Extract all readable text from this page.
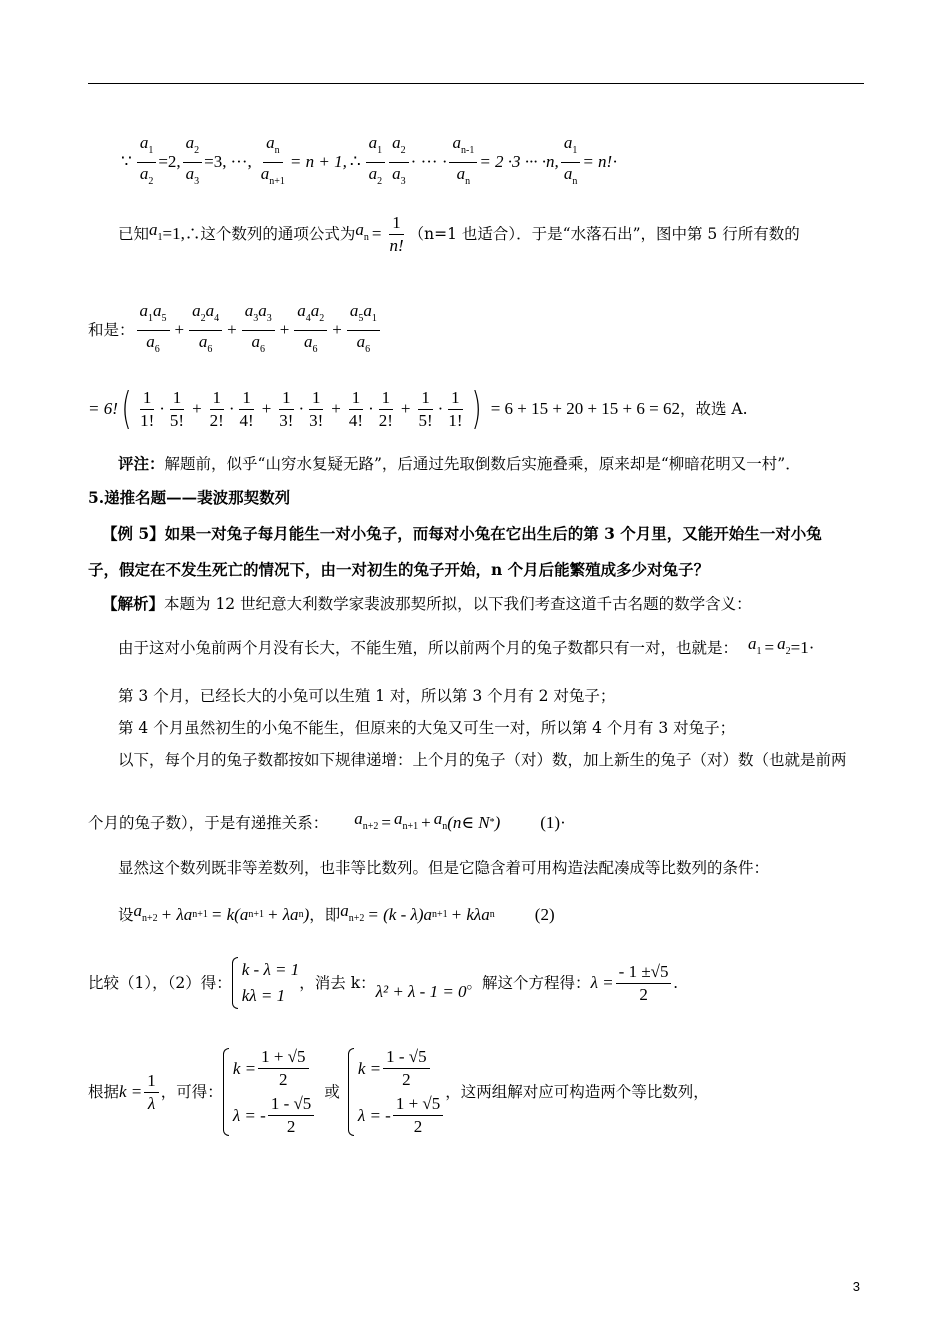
∵ $\frac{a_1}{a_2} =2$, $\frac{a_2}{a_3} =3$, ···, $\frac{a_n}{a_{n+1}} = n + 1$, ∴ $\frac{a_1}{a_2} \frac{a_2}{a_3}$ · ··· · $\frac{a_{n-1}}{a_n} = 2 \cdot 3$ ··· ·n, $\frac{a_1}{a_n} = n$! ·
已知 $a_1 =1$, ∴这个数列的通项公式为 $a_n = \frac{1}{n!} (n=1$ 也适合）．于是“水落石出”，图中第 5 行所有数的
和是： $\frac{a_1a_5}{a_6} + \frac{a_2a_4}{a_6} + \frac{a_3a_3}{a_6} + \frac{a_4a_2}{a_6} + \frac{a_5a_1}{a_6}$
= 6! ( $\frac{1}{1!} \cdot \frac{1}{5!} + \frac{1}{2!} \cdot \frac{1}{4!} + \frac{1}{3!} \cdot \frac{1}{3!} + \frac{1}{4!} \cdot \frac{1}{2!} + \frac{1}{5!} \cdot \frac{1}{1!}$ ) = 6 + 15 + 20 + 15 + 6 = 62 ，故选 A.
评注： 解题前，似乎“山穷水复疑无路”，后通过先取倒数后实施叠乘，原来却是“柳暗花明又一村”．
5.递推名题——裴波那契数列
【例 5】 如果一对兔子每月能生一对小兔子，而每对小兔在它出生后的第 3 个月里，又能开始生一对小兔
子，假定在不发生死亡的情况下，由一对初生的兔子开始，n 个月后能繁殖成多少对兔子？
【解析】 本题为 12 世纪意大利数学家裴波那契所拟，以下我们考查这道千古名题的数学含义：
由于这对小兔前两个月没有长大，不能生殖，所以前两个月的兔子数都只有一对，也就是： $a_1 = a_2 =1$ ·
第 3 个月，已经长大的小兔可以生殖 1 对，所以第 3 个月有 2 对兔子；
第 4 个月虽然初生的小兔不能生，但原来的大兔又可生一对，所以第 4 个月有 3 对兔子；
以下，每个月的兔子数都按如下规律递增：上个月的兔子（对）数，加上新生的兔子（对）数（也就是前两
个月的兔子数），于是有递推关系： $a_{n+2} = a_{n+1} + a_n$ (n∈ N * ) (1) ·
显然这个数列既非等差数列，也非等比数列。但是它隐含着可用构造法配凑成等比数列的条件：
设 $a_{n+2} + \lambda a$ n+1 = k(a n+1 + λa n ) ，即 $a_{n+2} = (k - \lambda)a$ n+1 + kλa n (2)
比较（1），（2）得：
k - λ = 1
kλ = 1
，消去 k： λ² + λ - 1 = 0 。解这个方程得： $\lambda = \frac{- 1 \pm√5}{2}$ .
根据 $k = \frac{1}{\lambda}$ ，可得：
$k = \frac{1 + √5}{2}$
λ = - $\frac{1 - √5}{2}$
或
$k = \frac{1 - √5}{2}$
λ = - $\frac{1 + √5}{2}$
，这两组解对应可构造两个等比数列，
3
